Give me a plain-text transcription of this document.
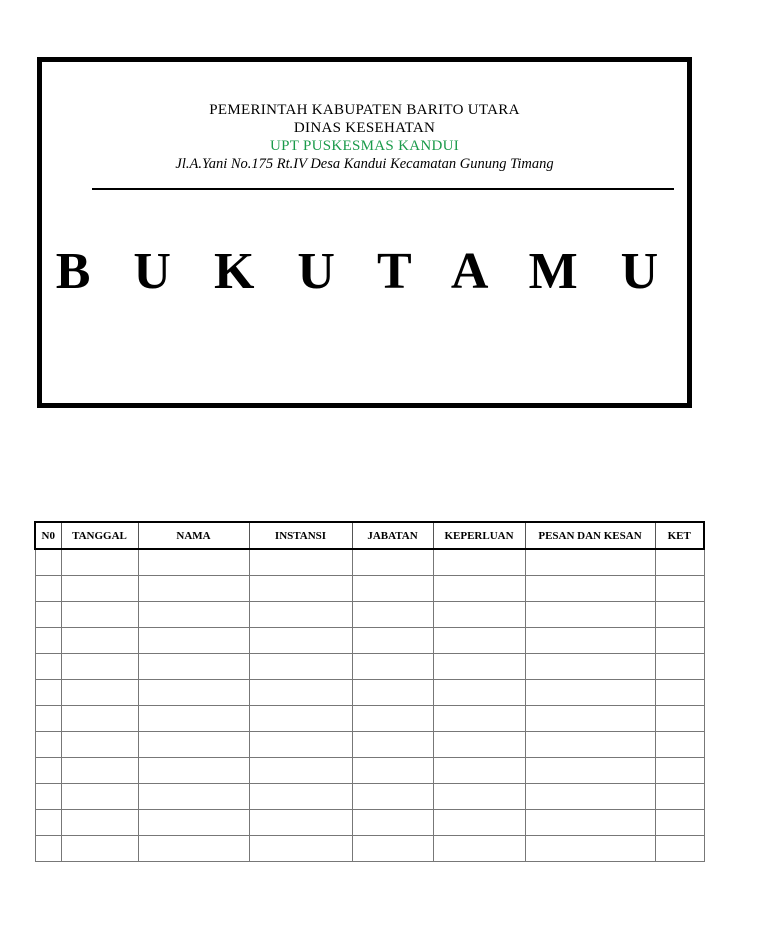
PEMERINTAH KABUPATEN BARITO UTARA
DINAS KESEHATAN
UPT PUSKESMAS KANDUI
Jl.A.Yani No.175 Rt.IV Desa Kandui Kecamatan Gunung Timang
B U K U T A M U
N0	TANGGAL	NAMA	INSTANSI	JABATAN	KEPERLUAN	PESAN DAN KESAN	KET
